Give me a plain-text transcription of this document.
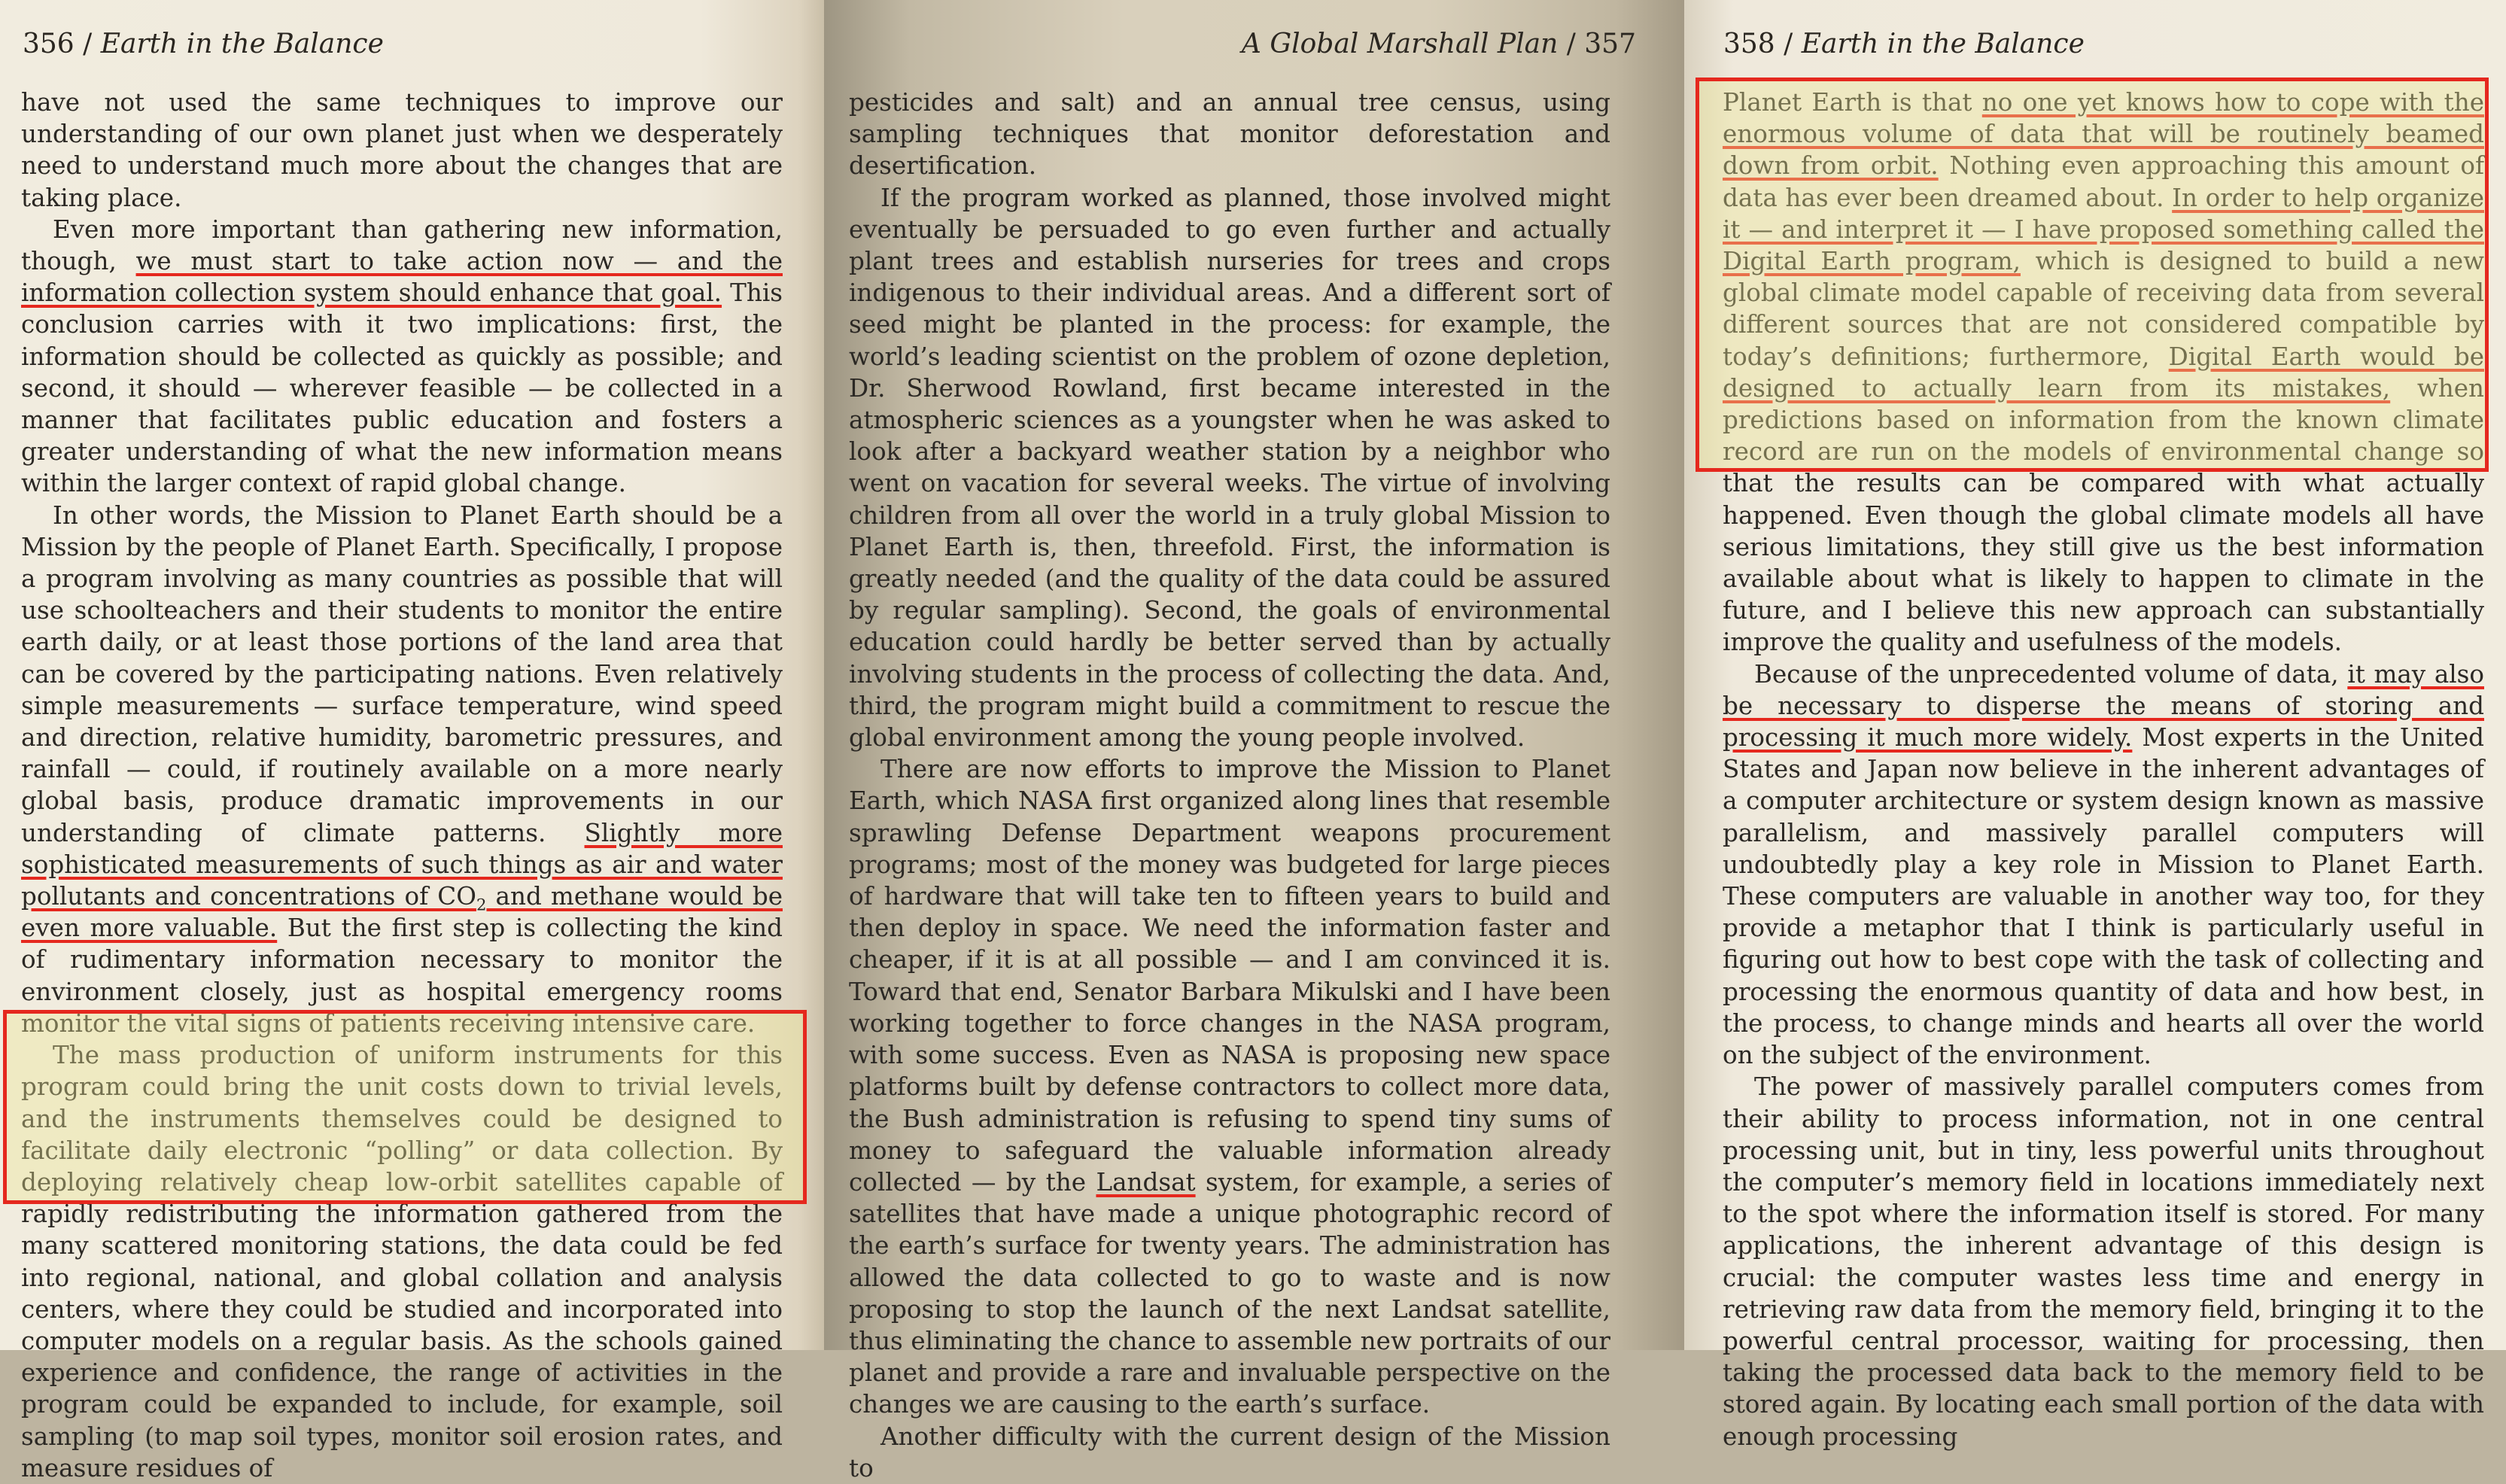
356 / Earth in the Balance

have not used the same techniques to improve our understanding of our own planet just when we desperately need to understand much more about the changes that are taking place.

Even more important than gathering new information, though, we must start to take action now — and the information collection system should enhance that goal. This conclusion carries with it two implications: first, the information should be collected as quickly as possible; and second, it should — wherever feasible — be collected in a manner that facilitates public education and fosters a greater understanding of what the new information means within the larger context of rapid global change.

In other words, the Mission to Planet Earth should be a Mission by the people of Planet Earth. Specifically, I propose a program involving as many countries as possible that will use schoolteachers and their students to monitor the entire earth daily, or at least those portions of the land area that can be covered by the participating nations. Even relatively simple measurements — surface temperature, wind speed and direction, relative humidity, barometric pressures, and rainfall — could, if routinely available on a more nearly global basis, produce dramatic improvements in our understanding of climate patterns. Slightly more sophisticated measurements of such things as air and water pollutants and concentrations of $CO_2$ and methane would be even more valuable. But the first step is collecting the kind of rudimentary information necessary to monitor the environment closely, just as hospital emergency rooms monitor the vital signs of patients receiving intensive care.

The mass production of uniform instruments for this program could bring the unit costs down to trivial levels, and the instruments themselves could be designed to facilitate daily electronic “polling” or data collection. By deploying relatively cheap low-orbit satellites capable of rapidly redistributing the information gathered from the many scattered monitoring stations, the data could be fed into regional, national, and global collation and analysis centers, where they could be studied and incorporated into computer models on a regular basis. As the schools gained experience and confidence, the range of activities in the program could be expanded to include, for example, soil sampling (to map soil types, monitor soil erosion rates, and measure residues of

A Global Marshall Plan / 357

pesticides and salt) and an annual tree census, using sampling techniques that monitor deforestation and desertification.

If the program worked as planned, those involved might eventually be persuaded to go even further and actually plant trees and establish nurseries for trees and crops indigenous to their individual areas. And a different sort of seed might be planted in the process: for example, the world’s leading scientist on the problem of ozone depletion, Dr. Sherwood Rowland, first became interested in the atmospheric sciences as a youngster when he was asked to look after a backyard weather station by a neighbor who went on vacation for several weeks. The virtue of involving children from all over the world in a truly global Mission to Planet Earth is, then, threefold. First, the information is greatly needed (and the quality of the data could be assured by regular sampling). Second, the goals of environmental education could hardly be better served than by actually involving students in the process of collecting the data. And, third, the program might build a commitment to rescue the global environment among the young people involved.

There are now efforts to improve the Mission to Planet Earth, which NASA first organized along lines that resemble sprawling Defense Department weapons procurement programs; most of the money was budgeted for large pieces of hardware that will take ten to fifteen years to build and then deploy in space. We need the information faster and cheaper, if it is at all possible — and I am convinced it is. Toward that end, Senator Barbara Mikulski and I have been working together to force changes in the NASA program, with some success. Even as NASA is proposing new space platforms built by defense contractors to collect more data, the Bush administration is refusing to spend tiny sums of money to safeguard the valuable information already collected — by the Landsat system, for example, a series of satellites that have made a unique photographic record of the earth’s surface for twenty years. The administration has allowed the data collected to go to waste and is now proposing to stop the launch of the next Landsat satellite, thus eliminating the chance to assemble new portraits of our planet and provide a rare and invaluable perspective on the changes we are causing to the earth’s surface.

Another difficulty with the current design of the Mission to

358 / Earth in the Balance

Planet Earth is that no one yet knows how to cope with the enormous volume of data that will be routinely beamed down from orbit. Nothing even approaching this amount of data has ever been dreamed about. In order to help organize it — and interpret it — I have proposed something called the Digital Earth program, which is designed to build a new global climate model capable of receiving data from several different sources that are not considered compatible by today’s definitions; furthermore, Digital Earth would be designed to actually learn from its mistakes, when predictions based on information from the known climate record are run on the models of environmental change so that the results can be compared with what actually happened. Even though the global climate models all have serious limitations, they still give us the best information available about what is likely to happen to climate in the future, and I believe this new approach can substantially improve the quality and usefulness of the models.

Because of the unprecedented volume of data, it may also be necessary to disperse the means of storing and processing it much more widely. Most experts in the United States and Japan now believe in the inherent advantages of a computer architecture or system design known as massive parallelism, and massively parallel computers will undoubtedly play a key role in Mission to Planet Earth. These computers are valuable in another way too, for they provide a metaphor that I think is particularly useful in figuring out how to best cope with the task of collecting and processing the enormous quantity of data and how best, in the process, to change minds and hearts all over the world on the subject of the environment.

The power of massively parallel computers comes from their ability to process information, not in one central processing unit, but in tiny, less powerful units throughout the computer’s memory field in locations immediately next to the spot where the information itself is stored. For many applications, the inherent advantage of this design is crucial: the computer wastes less time and energy in retrieving raw data from the memory field, bringing it to the powerful central processor, waiting for processing, then taking the processed data back to the memory field to be stored again. By locating each small portion of the data with enough processing
